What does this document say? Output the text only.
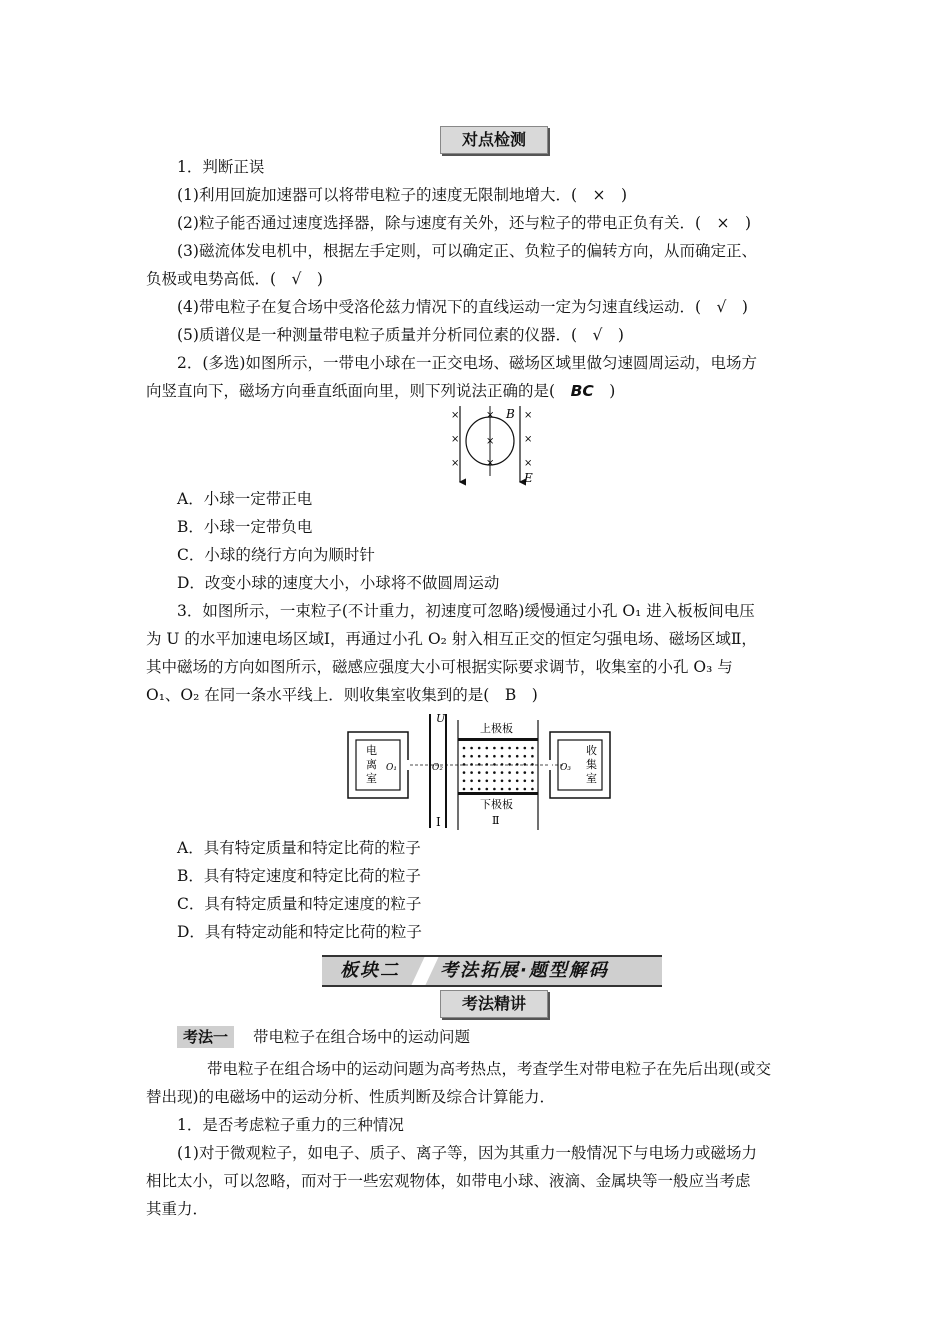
对点检测
1．判断正误
(1)利用回旋加速器可以将带电粒子的速度无限制地增大．(　×　)
(2)粒子能否通过速度选择器，除与速度有关外，还与粒子的带电正负有关．(　×　)
(3)磁流体发电机中，根据左手定则，可以确定正、负粒子的偏转方向，从而确定正、
负极或电势高低．(　√　)
(4)带电粒子在复合场中受洛伦兹力情况下的直线运动一定为匀速直线运动．(　√　)
(5)质谱仪是一种测量带电粒子质量并分析同位素的仪器．(　√　)
2．(多选)如图所示，一带电小球在一正交电场、磁场区域里做匀速圆周运动，电场方
向竖直向下，磁场方向垂直纸面向里，则下列说法正确的是(　BC　)
×
×
×
×
×
×
×
×
×
B
E
A．小球一定带正电
B．小球一定带负电
C．小球的绕行方向为顺时针
D．改变小球的速度大小，小球将不做圆周运动
3．如图所示，一束粒子(不计重力，初速度可忽略)缓慢通过小孔 O₁ 进入板板间电压
为 U 的水平加速电场区域Ⅰ，再通过小孔 O₂ 射入相互正交的恒定匀强电场、磁场区域Ⅱ，
其中磁场的方向如图所示，磁感应强度大小可根据实际要求调节，收集室的小孔 O₃ 与
O₁、O₂ 在同一条水平线上．则收集室收集到的是(　B　)
电
离
室
O₁
U
Ⅰ
O₂
上极板
下极板
Ⅱ
收
集
室
O₃
A．具有特定质量和特定比荷的粒子
B．具有特定速度和特定比荷的粒子
C．具有特定质量和特定速度的粒子
D．具有特定动能和特定比荷的粒子
板块二 考法拓展·题型解码
考法精讲
考法一	带电粒子在组合场中的运动问题
带电粒子在组合场中的运动问题为高考热点，考查学生对带电粒子在先后出现(或交
替出现)的电磁场中的运动分析、性质判断及综合计算能力．
1．是否考虑粒子重力的三种情况
(1)对于微观粒子，如电子、质子、离子等，因为其重力一般情况下与电场力或磁场力
相比太小，可以忽略，而对于一些宏观物体，如带电小球、液滴、金属块等一般应当考虑
其重力．
